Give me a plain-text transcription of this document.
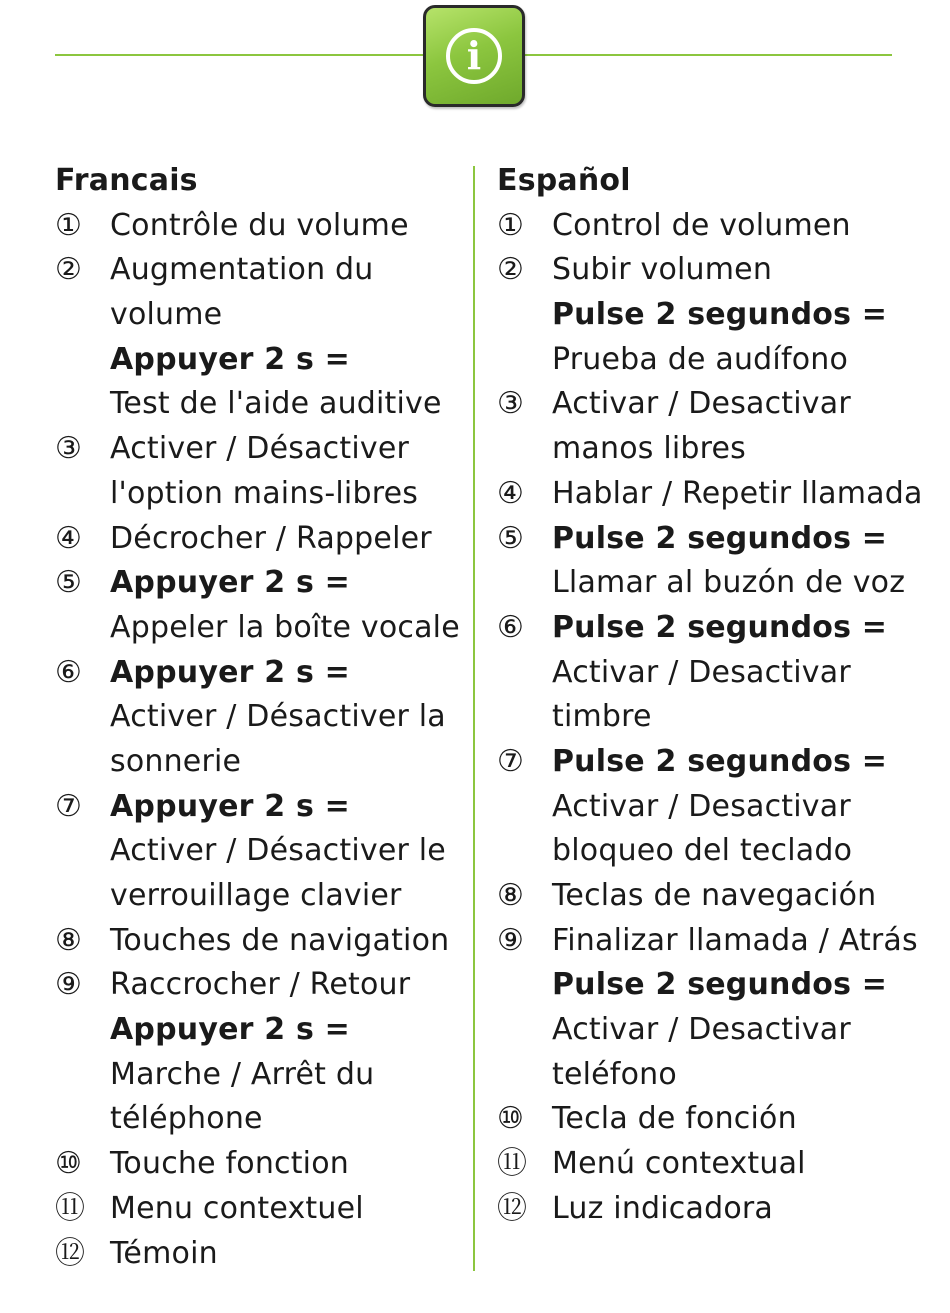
i
Francais
① Contrôle du volume
② Augmentation du
volume
Appuyer 2 s =
Test de l'aide auditive
③ Activer / Désactiver
l'option mains-libres
④ Décrocher / Rappeler
⑤ Appuyer 2 s =
Appeler la boîte vocale
⑥ Appuyer 2 s =
Activer / Désactiver la
sonnerie
⑦ Appuyer 2 s =
Activer / Désactiver le
verrouillage clavier
⑧ Touches de navigation
⑨ Raccrocher / Retour
Appuyer 2 s =
Marche / Arrêt du
téléphone
⑩ Touche fonction
⑪ Menu contextuel
⑫ Témoin
Español
① Control de volumen
② Subir volumen
Pulse 2 segundos =
Prueba de audífono
③ Activar / Desactivar
manos libres
④ Hablar / Repetir llamada
⑤ Pulse 2 segundos =
Llamar al buzón de voz
⑥ Pulse 2 segundos =
Activar / Desactivar
timbre
⑦ Pulse 2 segundos =
Activar / Desactivar
bloqueo del teclado
⑧ Teclas de navegación
⑨ Finalizar llamada / Atrás
Pulse 2 segundos =
Activar / Desactivar
teléfono
⑩ Tecla de fonción
⑪ Menú contextual
⑫ Luz indicadora
